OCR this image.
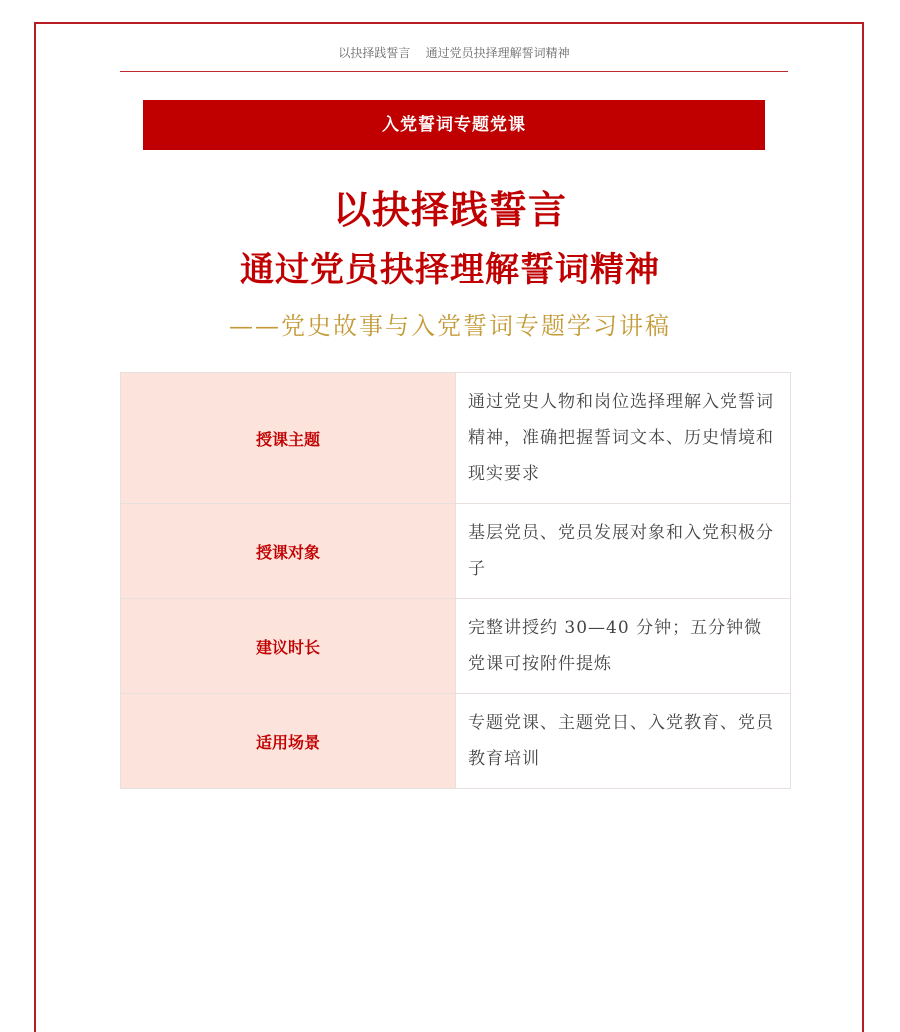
以抉择践誓言    通过党员抉择理解誓词精神
入党誓词专题党课
以抉择践誓言
通过党员抉择理解誓词精神
——党史故事与入党誓词专题学习讲稿
授课主题	通过党史人物和岗位选择理解入党誓词精神，准确把握誓词文本、历史情境和现实要求
授课对象	基层党员、党员发展对象和入党积极分子
建议时长	完整讲授约 30—40 分钟；五分钟微党课可按附件提炼
适用场景	专题党课、主题党日、入党教育、党员教育培训
